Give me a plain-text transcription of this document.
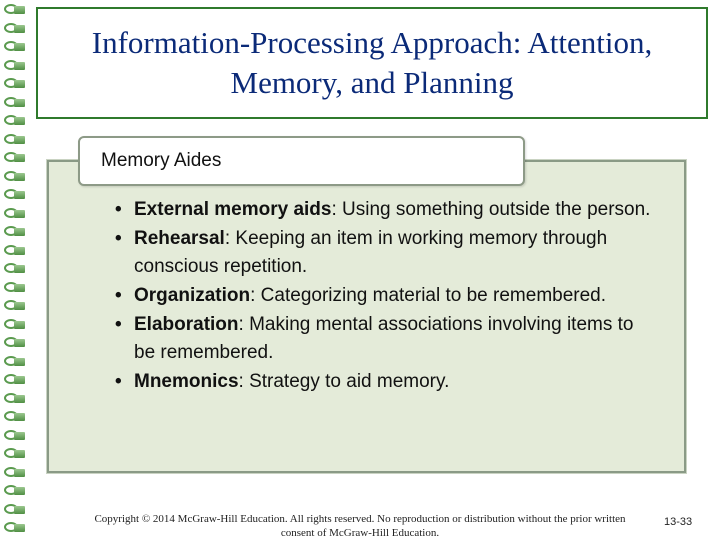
Information-Processing Approach: Attention, Memory, and Planning
Memory Aides
• External memory aids: Using something outside the person.
• Rehearsal: Keeping an item in working memory through conscious repetition.
• Organization: Categorizing material to be remembered.
• Elaboration: Making mental associations involving items to be remembered.
• Mnemonics: Strategy to aid memory.
Copyright © 2014 McGraw-Hill Education. All rights reserved. No reproduction or distribution without the prior written consent of McGraw-Hill Education.
13-33
